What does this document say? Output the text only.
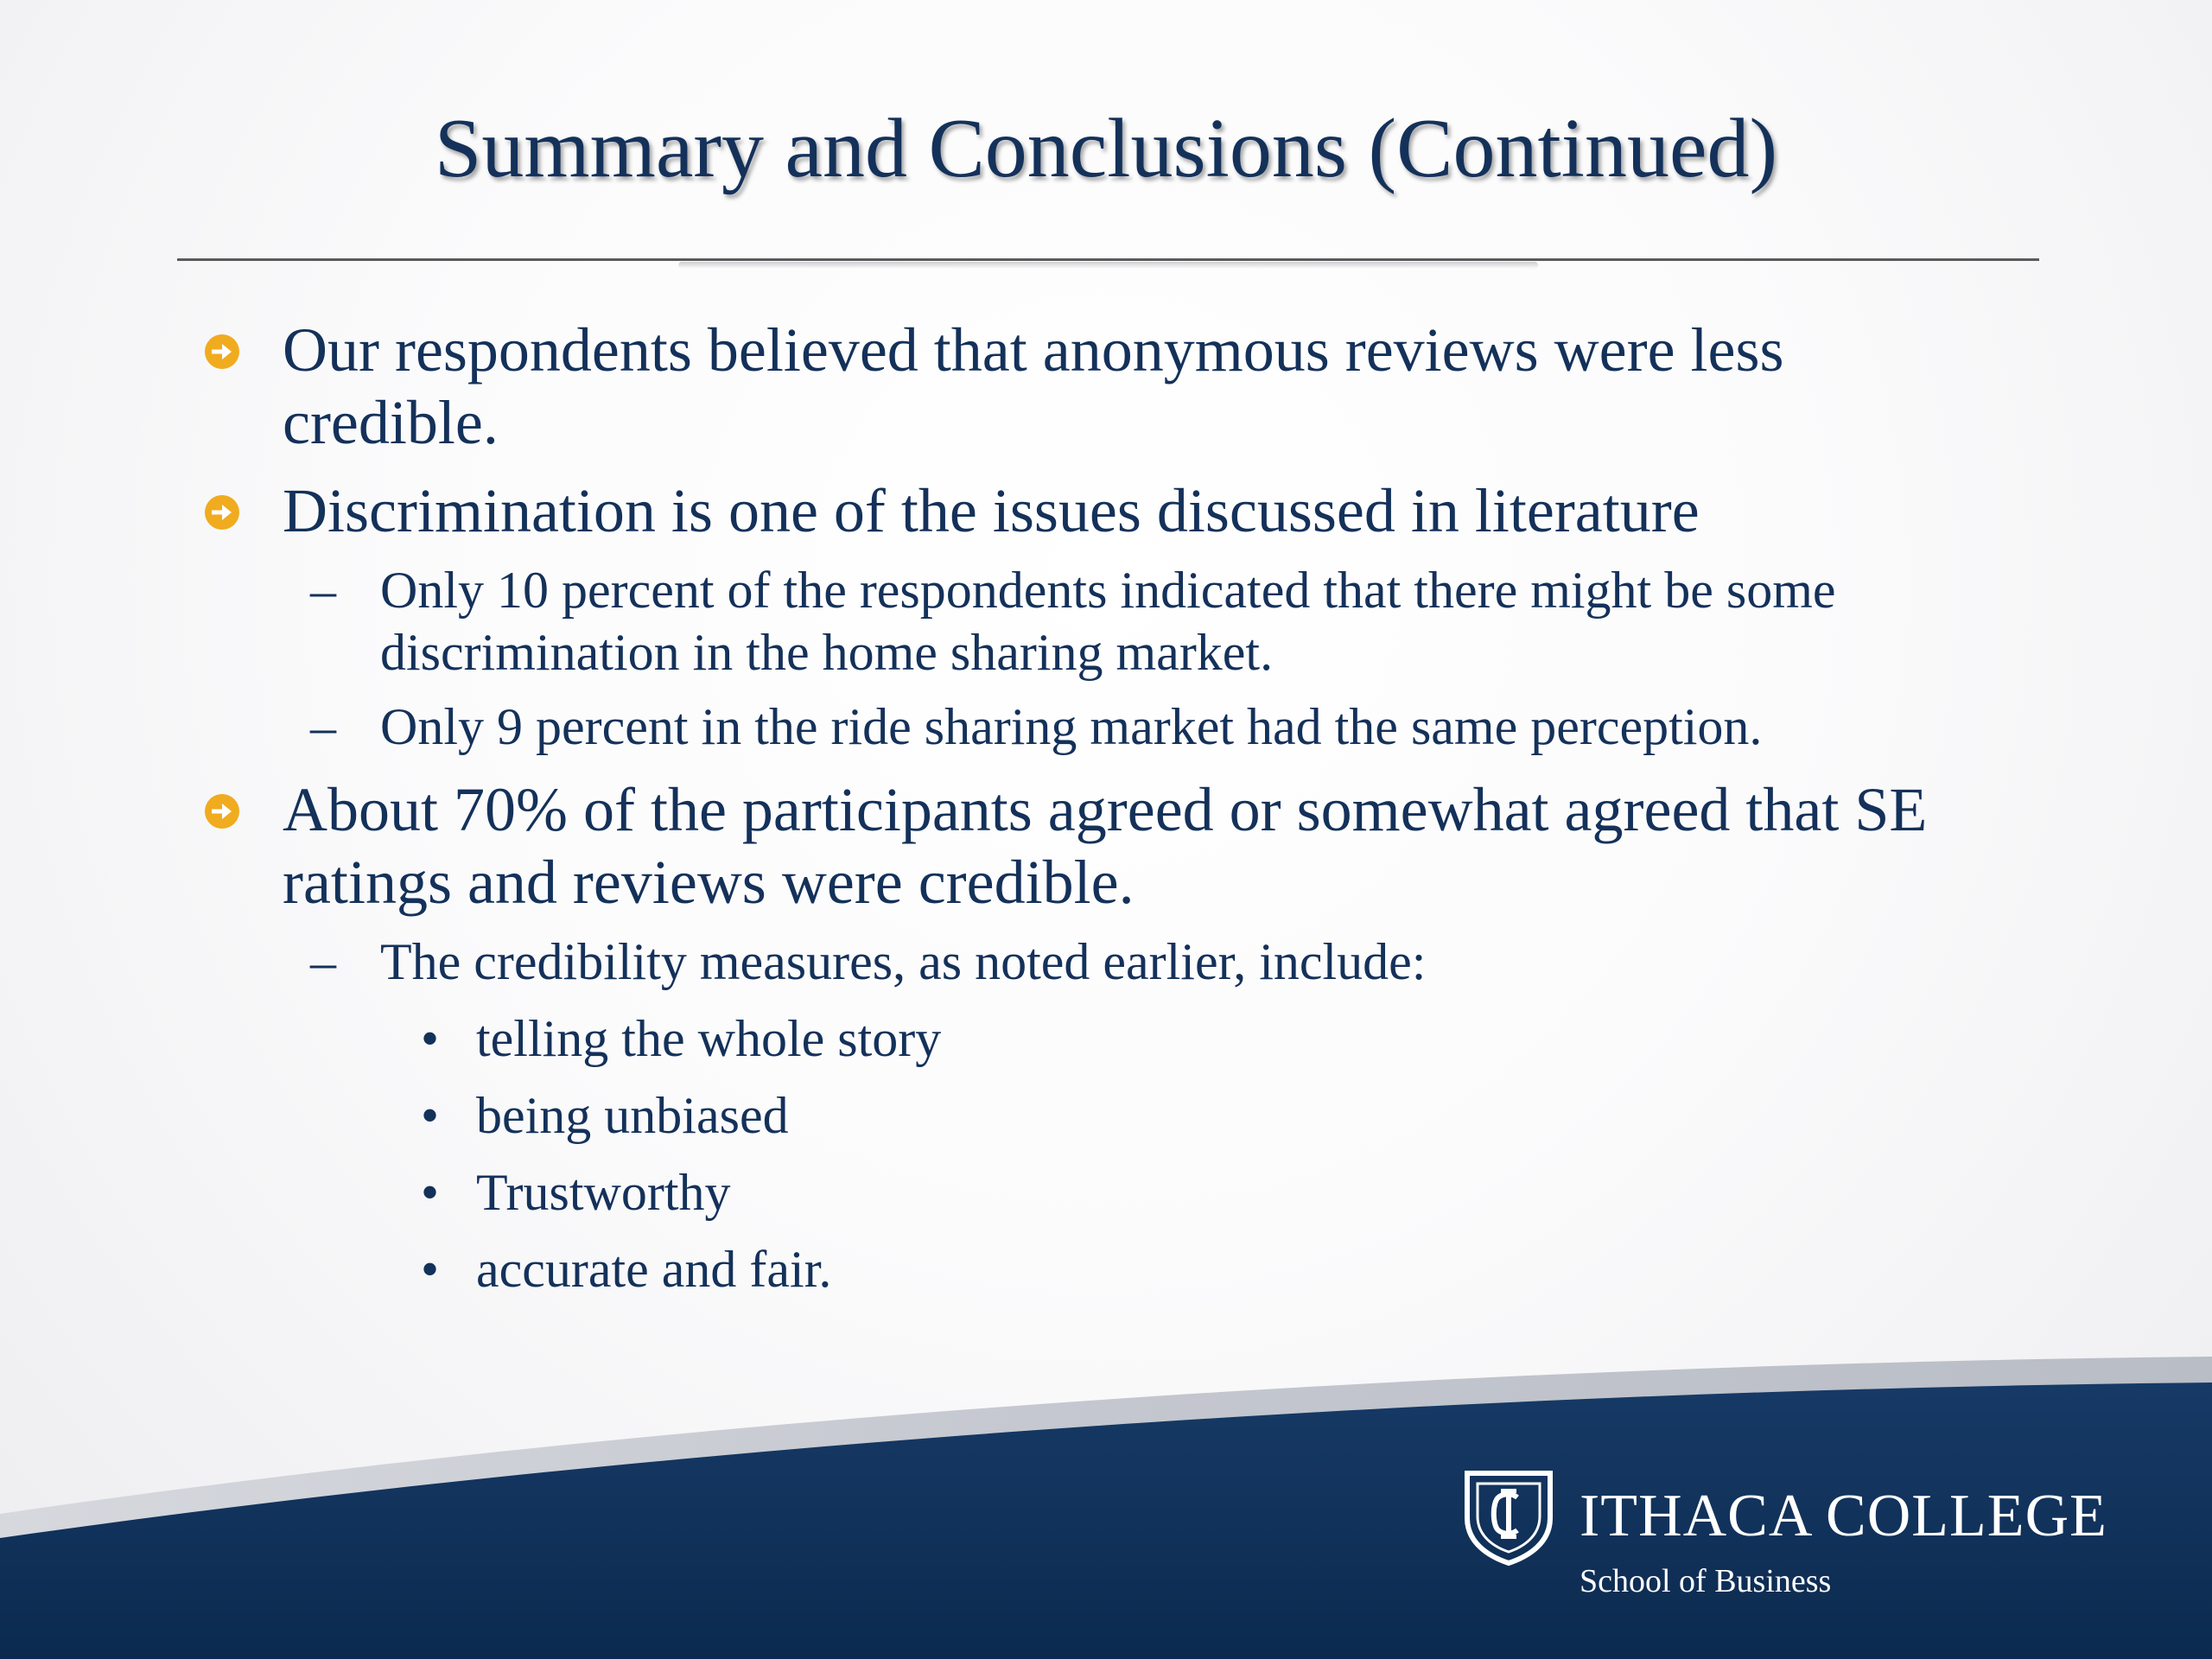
Summary and Conclusions (Continued)
Our respondents believed that anonymous reviews were less credible.
Discrimination is one of the issues discussed in literature
– Only 10 percent of the respondents indicated that there might be some discrimination in the home sharing market.
– Only 9 percent in the ride sharing market had the same perception.
About 70% of the participants agreed or somewhat agreed that SE ratings and reviews were credible.
– The credibility measures, as noted earlier, include:
• telling the whole story
• being unbiased
• Trustworthy
• accurate and fair.
ITHACA COLLEGE
School of Business
